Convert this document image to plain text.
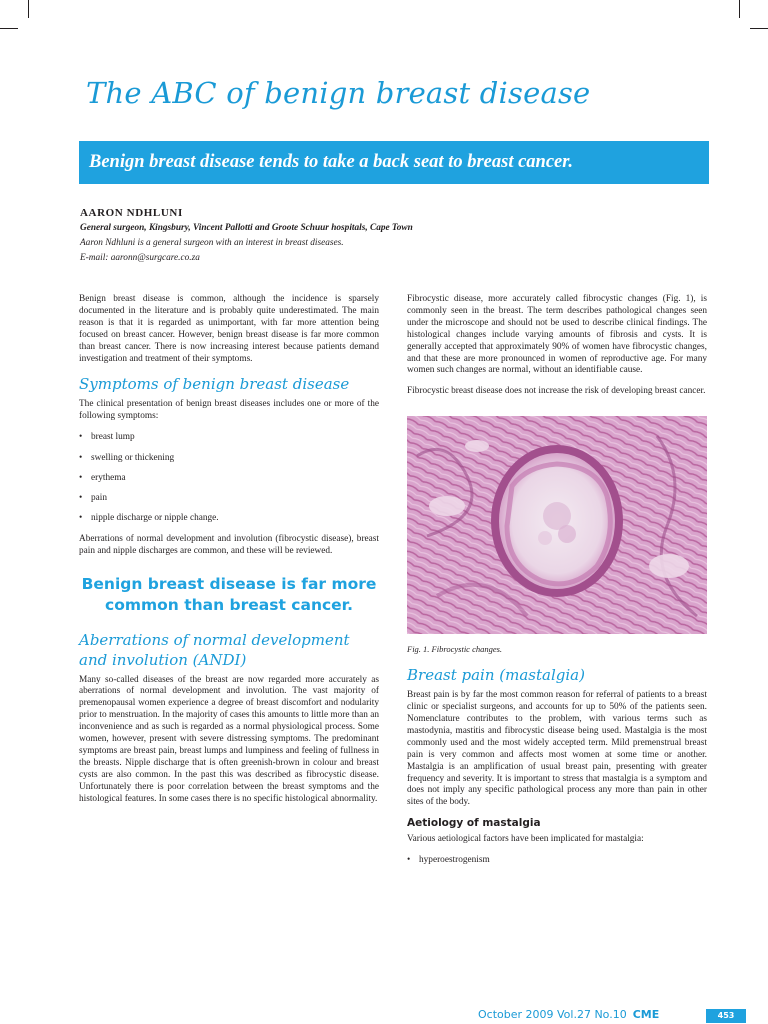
The ABC of benign breast disease
Benign breast disease tends to take a back seat to breast cancer.

AARON NDHLUNI

General surgeon, Kingsbury, Vincent Pallotti and Groote Schuur hospitals, Cape Town

Aaron Ndhluni is a general surgeon with an interest in breast diseases.

E-mail: aaronn@surgcare.co.za

Benign breast disease is common, although the incidence is sparsely documented in the literature and is probably quite underestimated. The main reason is that it is regarded as unimportant, with far more attention being focused on breast cancer. However, benign breast disease is far more common than breast cancer. There is now increasing interest because patients demand investigation and treatment of their symptoms.

Symptoms of benign breast disease

The clinical presentation of benign breast diseases includes one or more of the following symptoms:

• breast lump
• swelling or thickening
• erythema
• pain
• nipple discharge or nipple change.

Aberrations of normal development and involution (fibrocystic disease), breast pain and nipple discharges are common, and these will be reviewed.

Benign breast disease is far more common than breast cancer.
Aberrations of normal development and involution (ANDI)

Many so-called diseases of the breast are now regarded more accurately as aberrations of normal development and involution. The vast majority of premenopausal women experience a degree of breast discomfort and nodularity prior to menstruation. In the majority of cases this amounts to little more than an inconvenience and as such is regarded as a normal physiological process. Some women, however, present with severe distressing symptoms. The predominant symptoms are breast pain, breast lumps and lumpiness and feeling of fullness in the breasts. Nipple discharge that is often greenish-brown in colour and breast cysts are also common. In the past this was described as fibrocystic disease. Unfortunately there is poor correlation between the breast symptoms and the histological features. In some cases there is no specific histological abnormality.

Fibrocystic disease, more accurately called fibrocystic changes (Fig. 1), is commonly seen in the breast. The term describes pathological changes seen under the microscope and should not be used to describe clinical findings. The histological changes include varying amounts of fibrosis and cysts. It is generally accepted that approximately 90% of women have fibrocystic changes, and that these are more pronounced in women of reproductive age. For many women such changes are normal, without an identifiable cause.

Fibrocystic breast disease does not increase the risk of developing breast cancer.

Fig. 1. Fibrocystic changes.

Breast pain (mastalgia)

Breast pain is by far the most common reason for referral of patients to a breast clinic or specialist surgeons, and accounts for up to 50% of the patients seen. Nomenclature contributes to the problem, with various terms such as mastodynia, mastitis and fibrocystic disease being used. Mastalgia is the most commonly used and the most widely accepted term. Mild premenstrual breast pain is very common and affects most women at some time or another. Mastalgia is an amplification of usual breast pain, presenting with greater frequency and severity. It is important to stress that mastalgia is a symptom and does not imply any specific pathological process any more than pain in other sites of the body.

Aetiology of mastalgia

Various aetiological factors have been implicated for mastalgia:

• hyperoestrogenism
October 2009 Vol.27 No.10 CME	453
